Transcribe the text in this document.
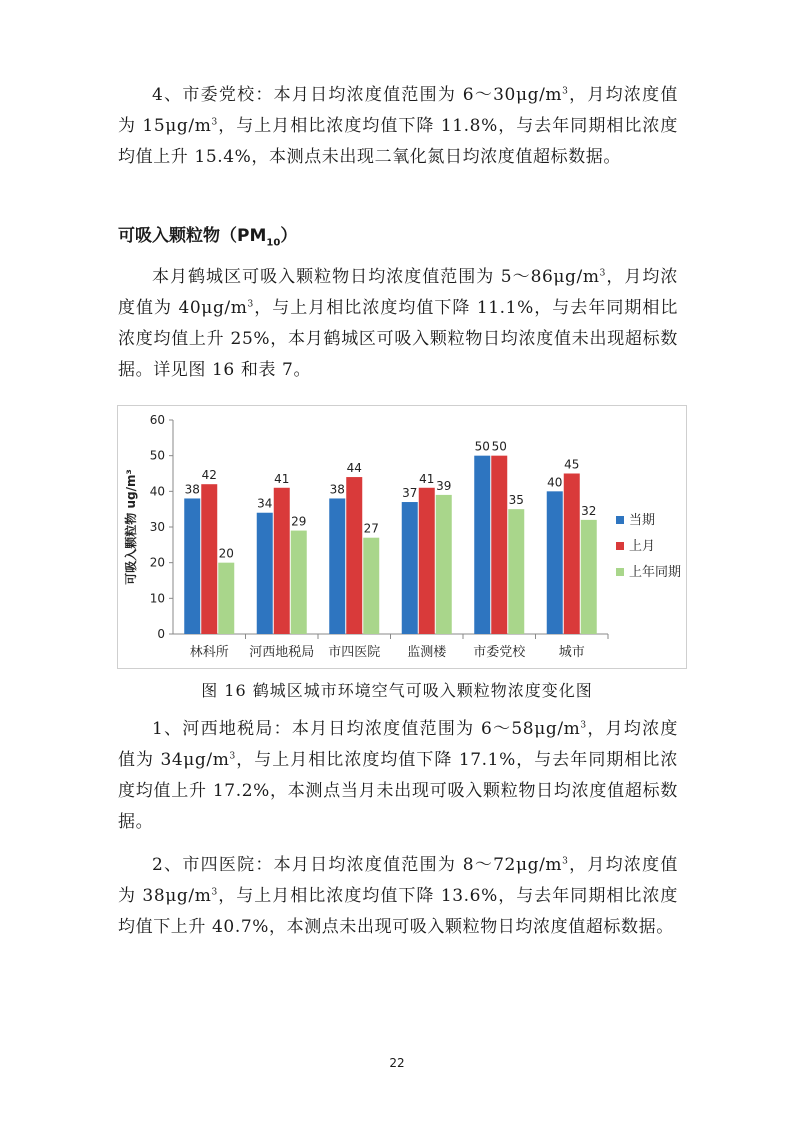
4、市委党校：本月日均浓度值范围为 $6\sim 30\mu g/m^3$，月均浓度值为 $15\mu g/m^3$，与上月相比浓度均值下降 11.8%，与去年同期相比浓度均值上升 15.4%，本测点未出现二氧化氮日均浓度值超标数据。

可吸入颗粒物$(PM_{10})$

本月鹤城区可吸入颗粒物日均浓度值范围为 $5\sim 86\mu g/m^3$，月均浓度值为 $40\mu g/m^3$，与上月相比浓度均值下降 11.1%，与去年同期相比浓度均值上升 25%，本月鹤城区可吸入颗粒物日均浓度值未出现超标数据。详见图 16 和表 7。

0
10
20
30
40
50
60
可吸入颗粒物 ug/m³	38
42
20
林科所
34
41
29
河西地税局
38
44
27
市四医院
37
41
39
监测楼
50 50
35
市委党校
40
45
32
城市
当期
上月
上年同期

图 16 鹤城区城市环境空气可吸入颗粒物浓度变化图

1、河西地税局：本月日均浓度值范围为 $6\sim 58\mu g/m^3$，月均浓度值为 $34\mu g/m^3$，与上月相比浓度均值下降 17.1%，与去年同期相比浓度均值上升 17.2%，本测点当月未出现可吸入颗粒物日均浓度值超标数据。

2、市四医院：本月日均浓度值范围为 $8\sim 72\mu g/m^3$，月均浓度值为 $38\mu g/m^3$，与上月相比浓度均值下降 13.6%，与去年同期相比浓度均值下上升 40.7%，本测点未出现可吸入颗粒物日均浓度值超标数据。

22
